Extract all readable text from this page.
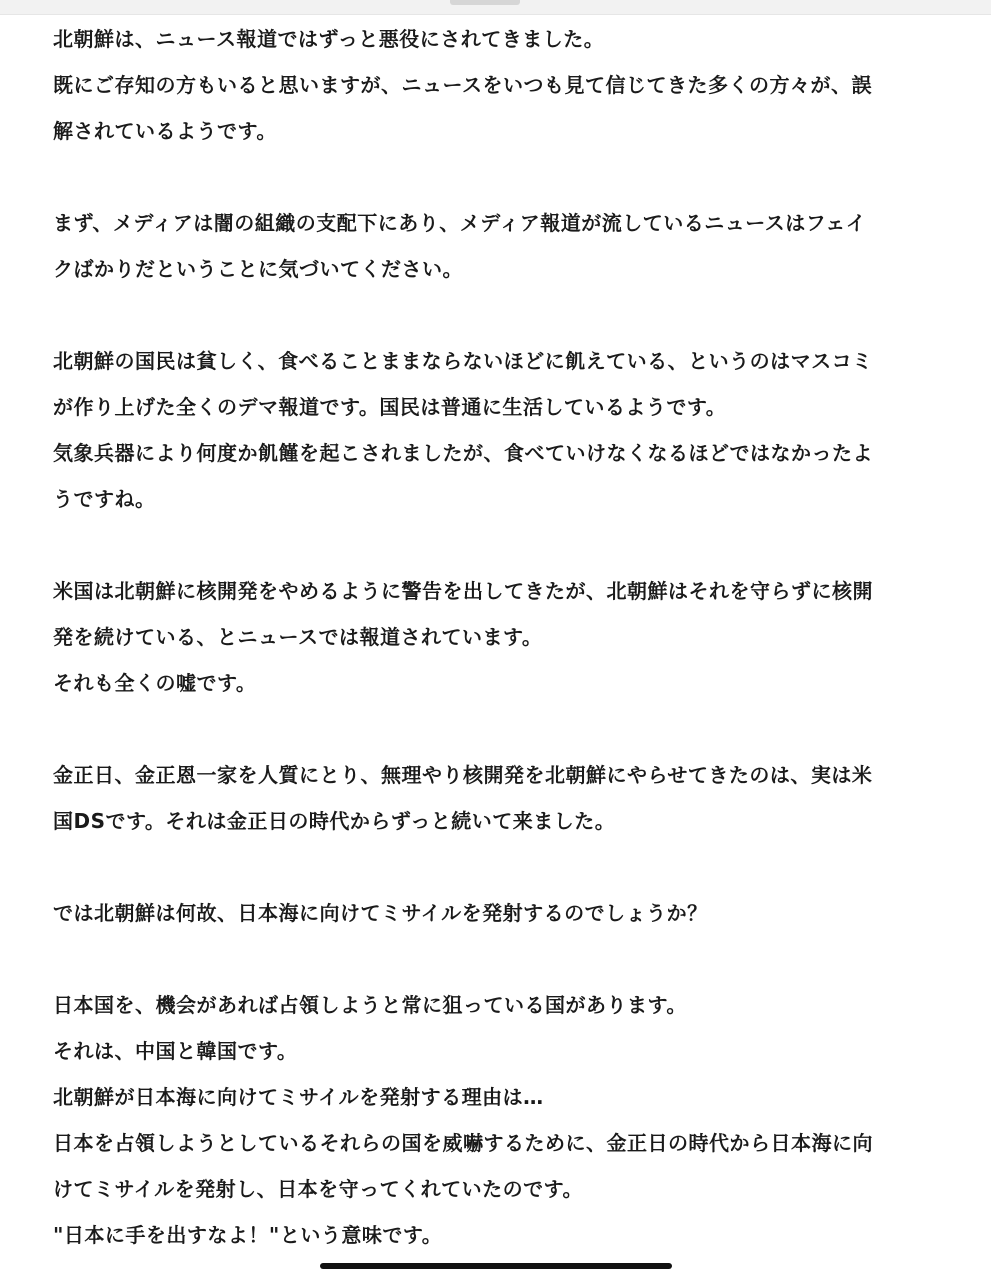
北朝鮮は、ニュース報道ではずっと悪役にされてきました。
既にご存知の方もいると思いますが、ニュースをいつも見て信じてきた多くの方々が、誤
解されているようです。
まず、メディアは闇の組織の支配下にあり、メディア報道が流しているニュースはフェイ
クばかりだということに気づいてください。
北朝鮮の国民は貧しく、食べることままならないほどに飢えている、というのはマスコミ
が作り上げた全くのデマ報道です。国民は普通に生活しているようです。
気象兵器により何度か飢饉を起こされましたが、食べていけなくなるほどではなかったよ
うですね。
米国は北朝鮮に核開発をやめるように警告を出してきたが、北朝鮮はそれを守らずに核開
発を続けている、とニュースでは報道されています。
それも全くの嘘です。
金正日、金正恩一家を人質にとり、無理やり核開発を北朝鮮にやらせてきたのは、実は米
国DSです。それは金正日の時代からずっと続いて来ました。
では北朝鮮は何故、日本海に向けてミサイルを発射するのでしょうか？
日本国を、機会があれば占領しようと常に狙っている国があります。
それは、中国と韓国です。
北朝鮮が日本海に向けてミサイルを発射する理由は…
日本を占領しようとしているそれらの国を威嚇するために、金正日の時代から日本海に向
けてミサイルを発射し、日本を守ってくれていたのです。
"日本に手を出すなよ！"という意味です。
